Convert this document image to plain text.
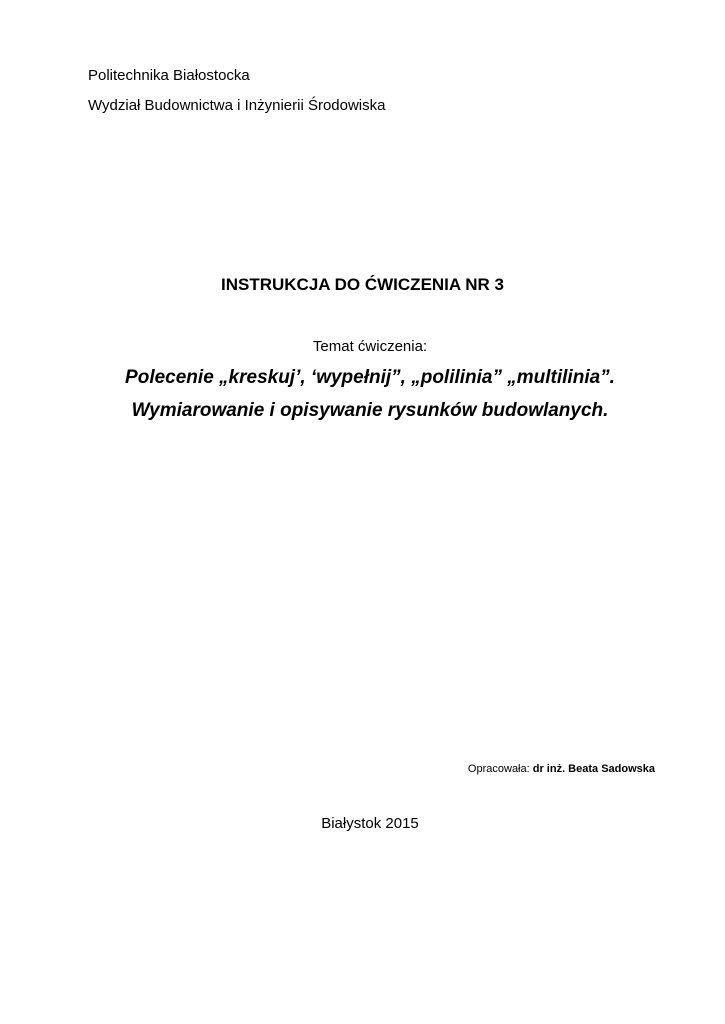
Politechnika Białostocka
Wydział Budownictwa i Inżynierii Środowiska
INSTRUKCJA DO ĆWICZENIA NR 3
Temat ćwiczenia:
Polecenie „kreskuj’, ‘wypełnij”, „polilinia” „multilinia”.
Wymiarowanie i opisywanie rysunków budowlanych.
Opracowała: dr inż. Beata Sadowska
Białystok 2015
